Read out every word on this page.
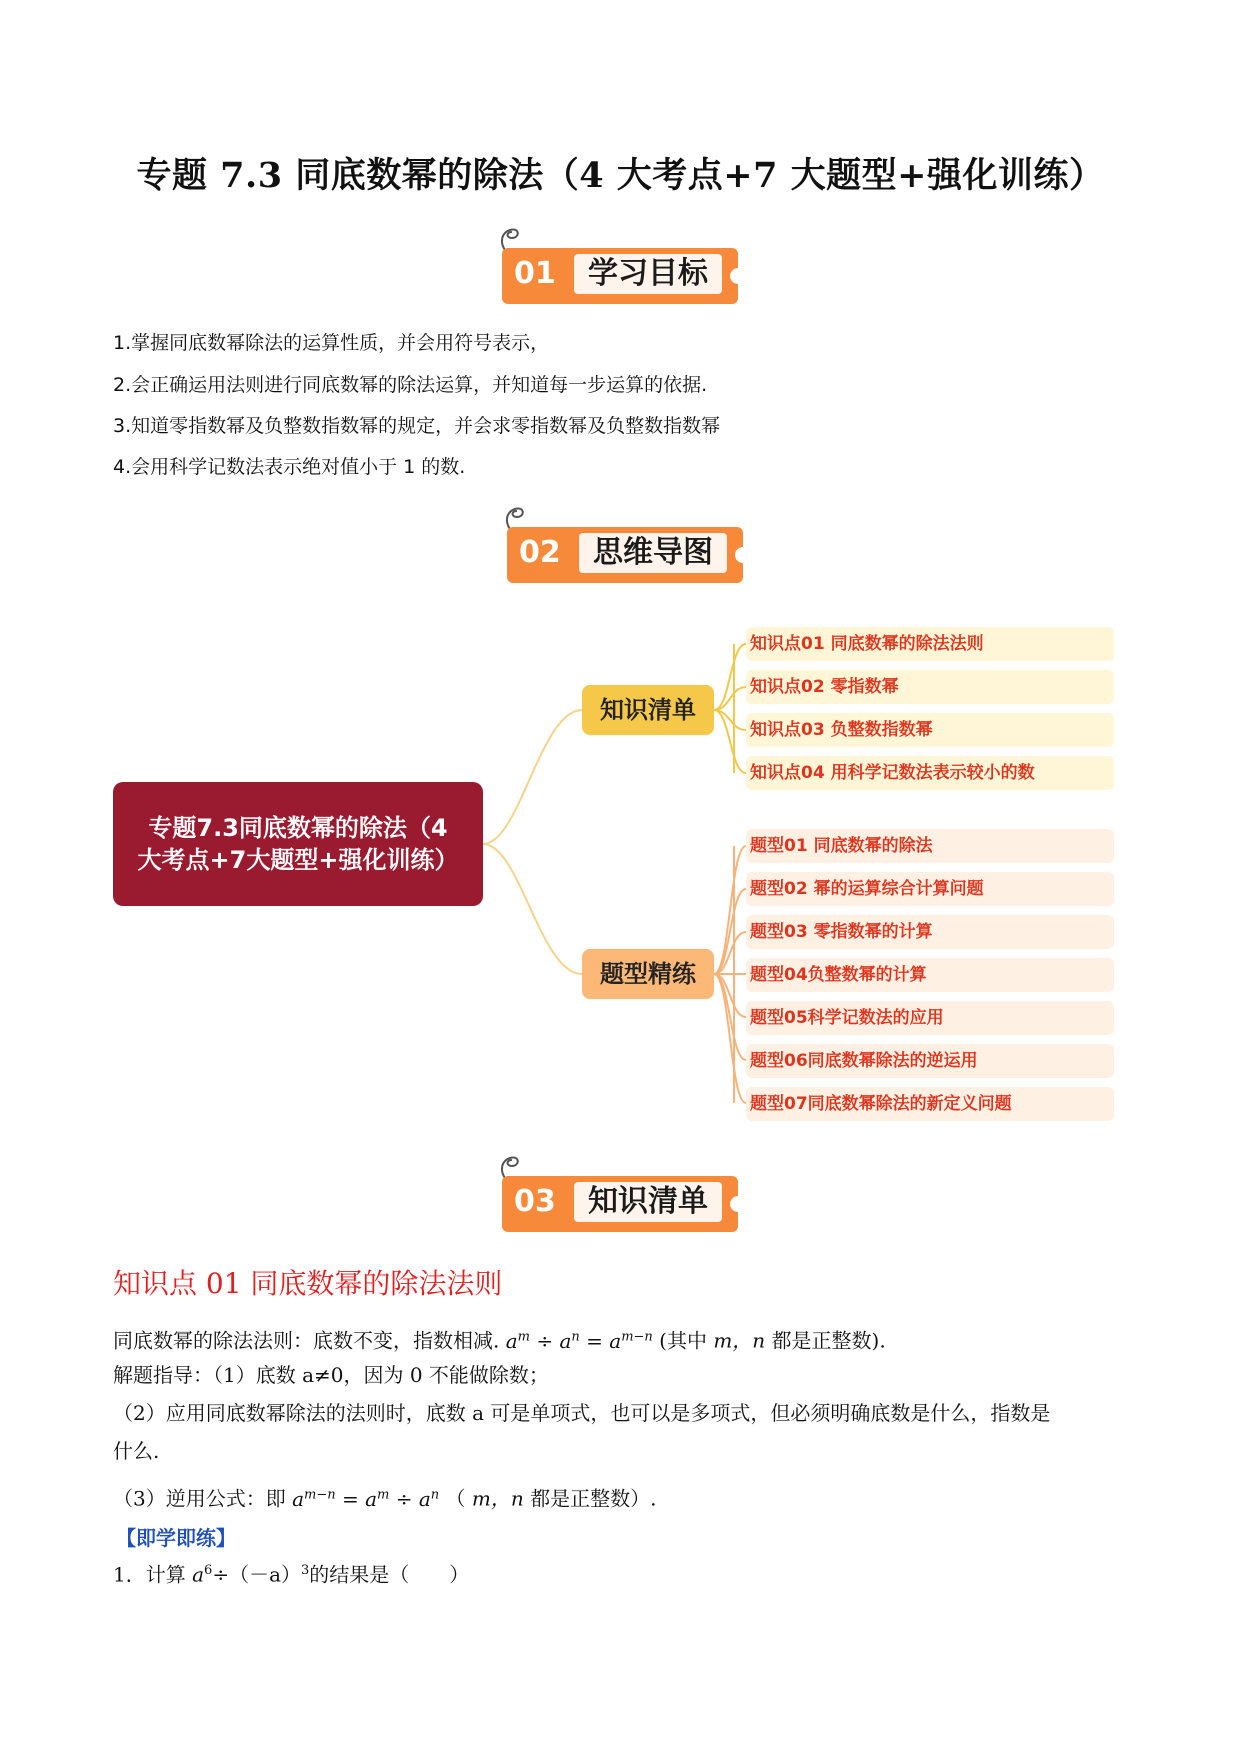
专题 7.3 同底数幂的除法（4 大考点+7 大题型+强化训练）
01	学习目标
1.掌握同底数幂除法的运算性质，并会用符号表示，
2.会正确运用法则进行同底数幂的除法运算，并知道每一步运算的依据.
3.知道零指数幂及负整数指数幂的规定，并会求零指数幂及负整数指数幂
4.会用科学记数法表示绝对值小于 1 的数.
02	思维导图
专题7.3同底数幂的除法（4大考点+7大题型+强化训练）
知识清单
题型精练
知识点01 同底数幂的除法法则
知识点02 零指数幂
知识点03 负整数指数幂
知识点04 用科学记数法表示较小的数
题型01 同底数幂的除法
题型02 幂的运算综合计算问题
题型03 零指数幂的计算
题型04负整数幂的计算
题型05科学记数法的应用
题型06同底数幂除法的逆运用
题型07同底数幂除法的新定义问题
03	知识清单
知识点 01 同底数幂的除法法则
同底数幂的除法法则：底数不变，指数相减. $a^m \div a^n = a^{m-n}$ (其中 m，n 都是正整数).
解题指导：（1）底数 a≠0，因为 0 不能做除数；
（2）应用同底数幂除法的法则时，底数 a 可是单项式，也可以是多项式，但必须明确底数是什么，指数是
什么.
（3）逆用公式：即 $a^{m-n} = a^m \div a^n$ （ m，n 都是正整数）.
【即学即练】
1．计算 $a^6\div(-a)^3$的结果是（　　）
